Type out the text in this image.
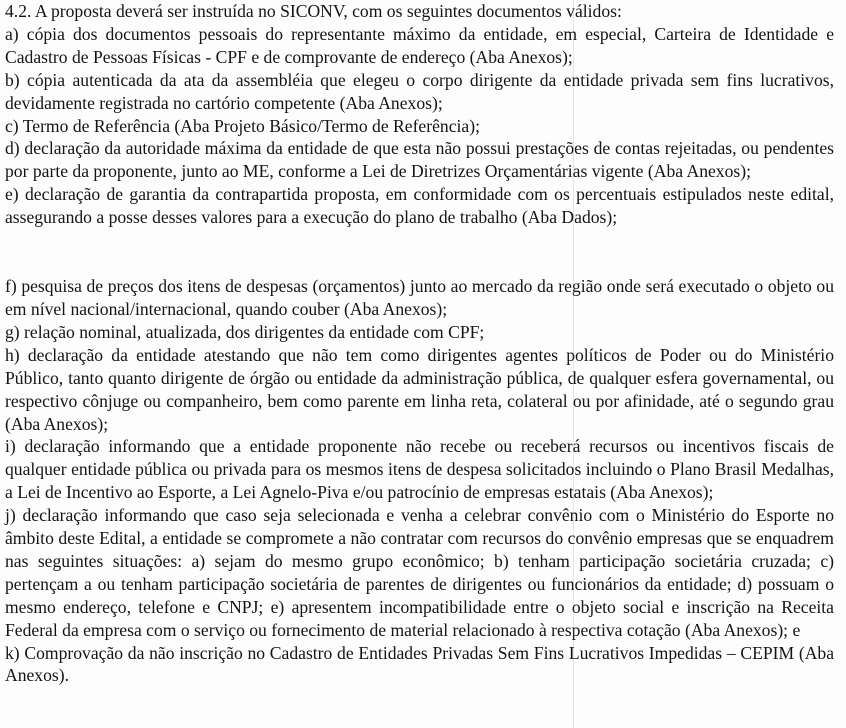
4.2. A proposta deverá ser instruída no SICONV, com os seguintes documentos válidos:

a) cópia dos documentos pessoais do representante máximo da entidade, em especial, Carteira de Identidade e Cadastro de Pessoas Físicas - CPF e de comprovante de endereço (Aba Anexos);

b) cópia autenticada da ata da assembléia que elegeu o corpo dirigente da entidade privada sem fins lucrativos, devidamente registrada no cartório competente (Aba Anexos);

c) Termo de Referência (Aba Projeto Básico/Termo de Referência);

d) declaração da autoridade máxima da entidade de que esta não possui prestações de contas rejeitadas, ou pendentes por parte da proponente, junto ao ME, conforme a Lei de Diretrizes Orçamentárias vigente (Aba Anexos);

e) declaração de garantia da contrapartida proposta, em conformidade com os percentuais estipulados neste edital, assegurando a posse desses valores para a execução do plano de trabalho (Aba Dados);

f) pesquisa de preços dos itens de despesas (orçamentos) junto ao mercado da região onde será executado o objeto ou em nível nacional/internacional, quando couber (Aba Anexos);

g) relação nominal, atualizada, dos dirigentes da entidade com CPF;

h) declaração da entidade atestando que não tem como dirigentes agentes políticos de Poder ou do Ministério Público, tanto quanto dirigente de órgão ou entidade da administração pública, de qualquer esfera governamental, ou respectivo cônjuge ou companheiro, bem como parente em linha reta, colateral ou por afinidade, até o segundo grau (Aba Anexos);

i) declaração informando que a entidade proponente não recebe ou receberá recursos ou incentivos fiscais de qualquer entidade pública ou privada para os mesmos itens de despesa solicitados incluindo o Plano Brasil Medalhas, a Lei de Incentivo ao Esporte, a Lei Agnelo-Piva e/ou patrocínio de empresas estatais (Aba Anexos);

j) declaração informando que caso seja selecionada e venha a celebrar convênio com o Ministério do Esporte no âmbito deste Edital, a entidade se compromete a não contratar com recursos do convênio empresas que se enquadrem nas seguintes situações: a) sejam do mesmo grupo econômico; b) tenham participação societária cruzada; c) pertençam a ou tenham participação societária de parentes de dirigentes ou funcionários da entidade; d) possuam o mesmo endereço, telefone e CNPJ; e) apresentem incompatibilidade entre o objeto social e inscrição na Receita Federal da empresa com o serviço ou fornecimento de material relacionado à respectiva cotação (Aba Anexos); e

k) Comprovação da não inscrição no Cadastro de Entidades Privadas Sem Fins Lucrativos Impedidas – CEPIM (Aba Anexos).
